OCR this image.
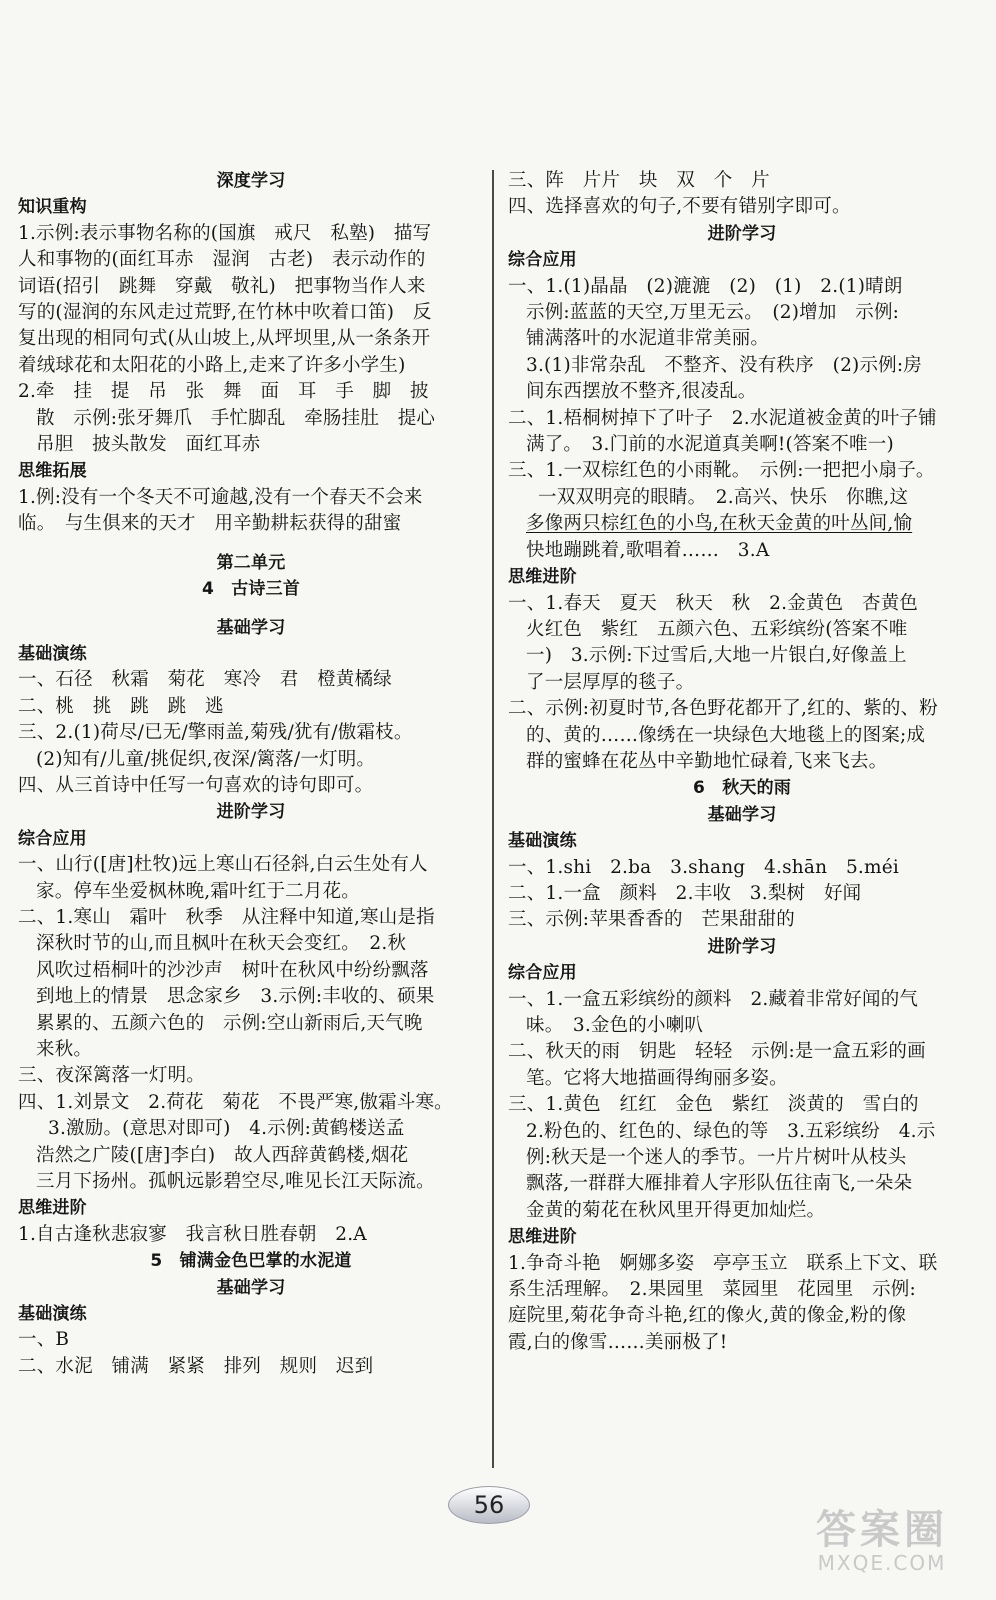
深度学习
知识重构
1.示例:表示事物名称的(国旗　戒尺　私塾)　描写
人和事物的(面红耳赤　湿润　古老)　表示动作的
词语(招引　跳舞　穿戴　敬礼)　把事物当作人来
写的(湿润的东风走过荒野,在竹林中吹着口笛)　反
复出现的相同句式(从山坡上,从坪坝里,从一条条开
着绒球花和太阳花的小路上,走来了许多小学生)
2.牵　挂　提　吊　张　舞　面　耳　手　脚　披
散　示例:张牙舞爪　手忙脚乱　牵肠挂肚　提心
吊胆　披头散发　面红耳赤
思维拓展
1.例:没有一个冬天不可逾越,没有一个春天不会来
临。　与生俱来的天才　用辛勤耕耘获得的甜蜜
第二单元
4　古诗三首
基础学习
基础演练
一、石径　秋霜　菊花　寒冷　君　橙黄橘绿
二、桃　挑　跳　跳　逃
三、2.(1)荷尽/已无/擎雨盖,菊残/犹有/傲霜枝。
(2)知有/儿童/挑促织,夜深/篱落/一灯明。
四、从三首诗中任写一句喜欢的诗句即可。
进阶学习
综合应用
一、山行([唐]杜牧)远上寒山石径斜,白云生处有人
家。停车坐爱枫林晚,霜叶红于二月花。
二、1.寒山　霜叶　秋季　从注释中知道,寒山是指
深秋时节的山,而且枫叶在秋天会变红。　2.秋
风吹过梧桐叶的沙沙声　树叶在秋风中纷纷飘落
到地上的情景　思念家乡　3.示例:丰收的、硕果
累累的、五颜六色的　示例:空山新雨后,天气晚
来秋。
三、夜深篱落一灯明。
四、1.刘景文　2.荷花　菊花　不畏严寒,傲霜斗寒。
3.激励。(意思对即可)　4.示例:黄鹤楼送孟
浩然之广陵([唐]李白)　故人西辞黄鹤楼,烟花
三月下扬州。孤帆远影碧空尽,唯见长江天际流。
思维进阶
1.自古逢秋悲寂寥　我言秋日胜春朝　2.A
5　铺满金色巴掌的水泥道
基础学习
基础演练
一、B
二、水泥　铺满　紧紧　排列　规则　迟到
三、阵　片片　块　双　个　片
四、选择喜欢的句子,不要有错别字即可。
进阶学习
综合应用
一、1.(1)晶晶　(2)漉漉　(2)　(1)　2.(1)晴朗
示例:蓝蓝的天空,万里无云。　(2)增加　示例:
铺满落叶的水泥道非常美丽。
3.(1)非常杂乱　不整齐、没有秩序　(2)示例:房
间东西摆放不整齐,很凌乱。
二、1.梧桐树掉下了叶子　2.水泥道被金黄的叶子铺
满了。　3.门前的水泥道真美啊!(答案不唯一)
三、1.一双棕红色的小雨靴。　示例:一把把小扇子。
一双双明亮的眼睛。　2.高兴、快乐　你瞧,这
多像两只棕红色的小鸟,在秋天金黄的叶丛间,愉
快地蹦跳着,歌唱着……　3.A
思维进阶
一、1.春天　夏天　秋天　秋　2.金黄色　杏黄色
火红色　紫红　五颜六色、五彩缤纷(答案不唯
一)　3.示例:下过雪后,大地一片银白,好像盖上
了一层厚厚的毯子。
二、示例:初夏时节,各色野花都开了,红的、紫的、粉
的、黄的……像绣在一块绿色大地毯上的图案;成
群的蜜蜂在花丛中辛勤地忙碌着,飞来飞去。
6　秋天的雨
基础学习
基础演练
一、1.shi　2.ba　3.shang　4.shān　5.méi
二、1.一盒　颜料　2.丰收　3.梨树　好闻
三、示例:苹果香香的　芒果甜甜的
进阶学习
综合应用
一、1.一盒五彩缤纷的颜料　2.藏着非常好闻的气
味。　3.金色的小喇叭
二、秋天的雨　钥匙　轻轻　示例:是一盒五彩的画
笔。它将大地描画得绚丽多姿。
三、1.黄色　红红　金色　紫红　淡黄的　雪白的
2.粉色的、红色的、绿色的等　3.五彩缤纷　4.示
例:秋天是一个迷人的季节。一片片树叶从枝头
飘落,一群群大雁排着人字形队伍往南飞,一朵朵
金黄的菊花在秋风里开得更加灿烂。
思维进阶
1.争奇斗艳　婀娜多姿　亭亭玉立　联系上下文、联
系生活理解。　2.果园里　菜园里　花园里　示例:
庭院里,菊花争奇斗艳,红的像火,黄的像金,粉的像
霞,白的像雪……美丽极了!
56
答案圈
MXQE.COM
